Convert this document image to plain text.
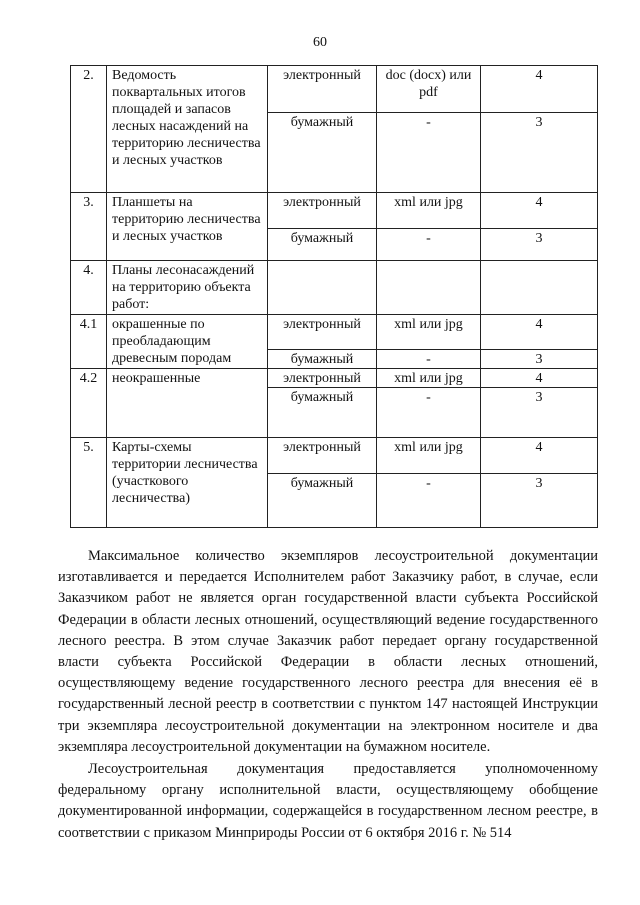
60
2.	Ведомость поквартальных итогов площадей и запасов лесных насаждений на территорию лесничества и лесных участков	электронный	doc (docx) или pdf	4
		бумажный	-	3
3.	Планшеты на территорию лесничества и лесных участков	электронный	xml или jpg	4
		бумажный	-	3
4.	Планы лесонасаждений на территорию объекта работ:			
4.1	окрашенные по преобладающим древесным породам	электронный	xml или jpg	4
		бумажный	-	3
4.2	неокрашенные	электронный	xml или jpg	4
		бумажный	-	3
5.	Карты-схемы территории лесничества (участкового лесничества)	электронный	xml или jpg	4
		бумажный	-	3

Максимальное количество экземпляров лесоустроительной документации изготавливается и передается Исполнителем работ Заказчику работ, в случае, если Заказчиком работ не является орган государственной власти субъекта Российской Федерации в области лесных отношений, осуществляющий ведение государственного лесного реестра. В этом случае Заказчик работ передает органу государственной власти субъекта Российской Федерации в области лесных отношений, осуществляющему ведение государственного лесного реестра для внесения её в государственный лесной реестр в соответствии с пунктом 147 настоящей Инструкции три экземпляра лесоустроительной документации на электронном носителе и два экземпляра лесоустроительной документации на бумажном носителе.

Лесоустроительная документация предоставляется уполномоченному федеральному органу исполнительной власти, осуществляющему обобщение документированной информации, содержащейся в государственном лесном реестре, в соответствии с приказом Минприроды России от 6 октября 2016 г. № 514
